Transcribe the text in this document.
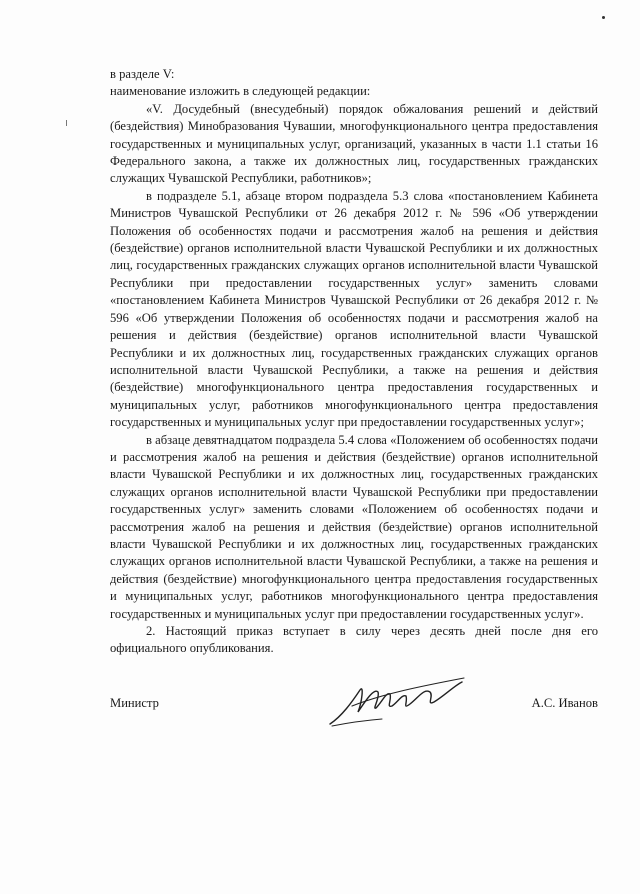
в разделе V:

наименование изложить в следующей редакции:

«V. Досудебный (внесудебный) порядок обжалования решений и действий (бездействия) Минобразования Чувашии, многофункционального центра предоставления государственных и муниципальных услуг, организаций, указанных в части 1.1 статьи 16 Федерального закона, а также их должностных лиц, государственных гражданских служащих Чувашской Республики, работников»;

в подразделе 5.1, абзаце втором подраздела 5.3 слова «постановлением Кабинета Министров Чувашской Республики от 26 декабря 2012 г. № 596 «Об утверждении Положения об особенностях подачи и рассмотрения жалоб на решения и действия (бездействие) органов исполнительной власти Чувашской Республики и их должностных лиц, государственных гражданских служащих органов исполнительной власти Чувашской Республики при предоставлении государственных услуг» заменить словами «постановлением Кабинета Министров Чувашской Республики от 26 декабря 2012 г. № 596 «Об утверждении Положения об особенностях подачи и рассмотрения жалоб на решения и действия (бездействие) органов исполнительной власти Чувашской Республики и их должностных лиц, государственных гражданских служащих органов исполнительной власти Чувашской Республики, а также на решения и действия (бездействие) многофункционального центра предоставления государственных и муниципальных услуг, работников многофункционального центра предоставления государственных и муниципальных услуг при предоставлении государственных услуг»;

в абзаце девятнадцатом подраздела 5.4 слова «Положением об особенностях подачи и рассмотрения жалоб на решения и действия (бездействие) органов исполнительной власти Чувашской Республики и их должностных лиц, государственных гражданских служащих органов исполнительной власти Чувашской Республики при предоставлении государственных услуг» заменить словами «Положением об особенностях подачи и рассмотрения жалоб на решения и действия (бездействие) органов исполнительной власти Чувашской Республики и их должностных лиц, государственных гражданских служащих органов исполнительной власти Чувашской Республики, а также на решения и действия (бездействие) многофункционального центра предоставления государственных и муниципальных услуг, работников многофункционального центра предоставления государственных и муниципальных услуг при предоставлении государственных услуг».

2. Настоящий приказ вступает в силу через десять дней после дня его официального опубликования.

Министр	А.С. Иванов
